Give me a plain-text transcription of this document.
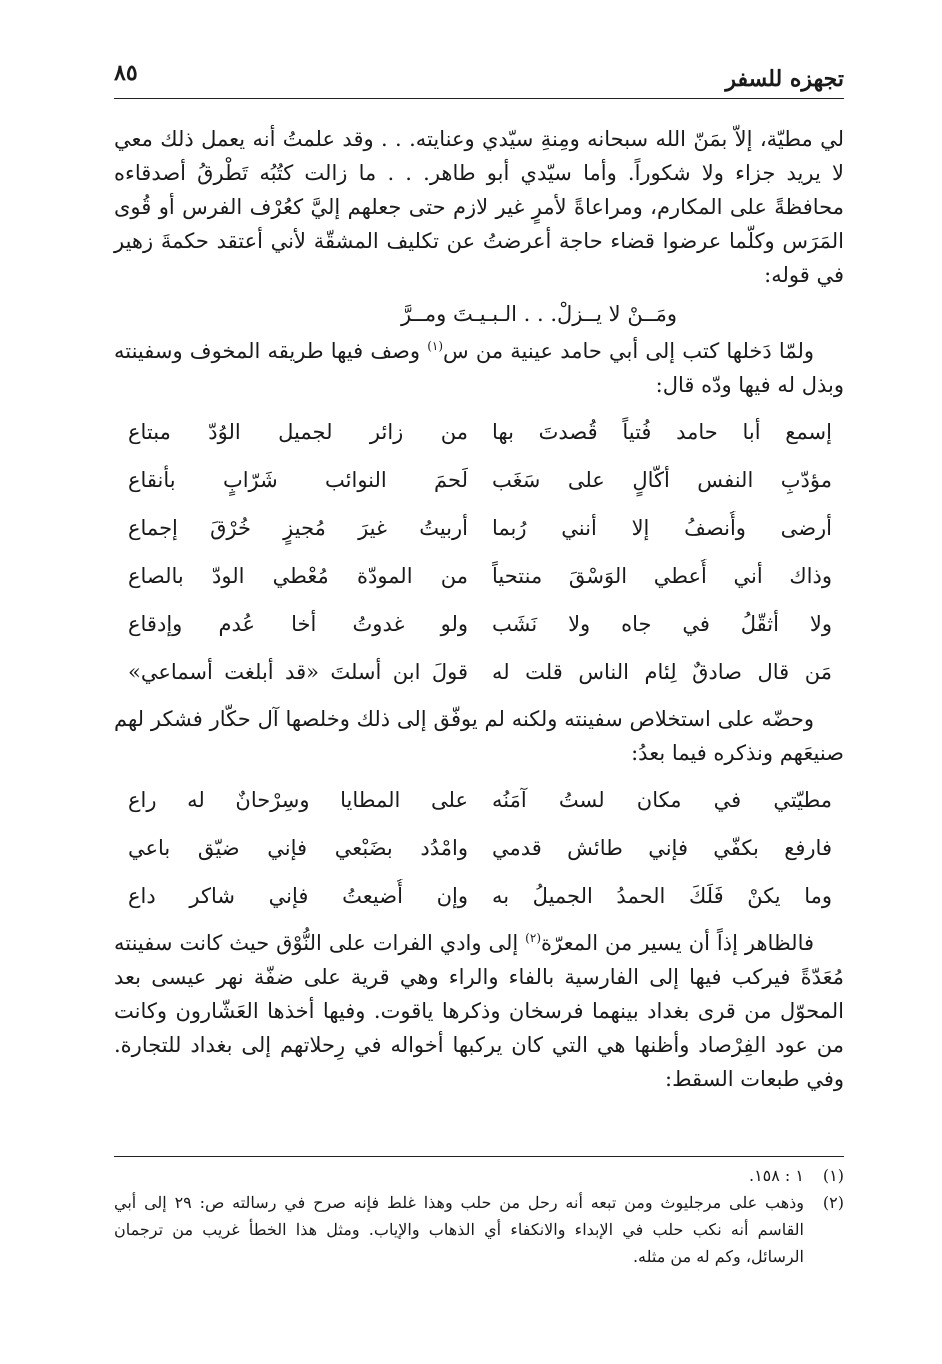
تجهزه للسفر
٨٥

لي مطيّة، إلاّ بمَنّ الله سبحانه ومِنةِ سيّدي وعنايته. . . وقد علمتُ أنه يعمل ذلك معي لا يريد جزاء ولا شكوراً. وأما سيّدي أبو طاهر. . . ما زالت كتُبُه تَطْرقُ أصدقاءه محافظةً على المكارم، ومراعاةً لأمرٍ غير لازم حتى جعلهم إليَّ كعُرْف الفرس أو قُوى المَرَس وكلّما عرضوا قضاء حاجة أعرضتُ عن تكليف المشقّة لأني أعتقد حكمةَ زهير في قوله:

ومَــنْ لا يــزلْ. . . الـبـيـتَ ومــرَّ

ولمّا دَخلها كتب إلى أبي حامد عينية من س$^{(١)}$ وصف فيها طريقه المخوف وسفينته وبذل له فيها ودّه قال:

إسمع أبا حامد فُتياً قُصدتَ بها
من زائر لجميل الوُدّ مبتاع
مؤدّبِ النفس أكّالٍ على سَغَب
لَحمَ النوائب شَرّابٍ بأنقاع
أرضى وأُنصفُ إلا أنني رُبما
أربيتُ غيرَ مُجيزٍ خُرْقَ إجماع
وذاك أني أُعطي الوَسْقَ منتحياً
من المودّة مُعْطي الودّ بالصاع
ولا أثقّلُ في جاه ولا نَشَب
ولو غدوتُ أخا عُدم وإدقاع
مَن قال صادقٌ لِئام الناس قلت له
قولَ ابن أسلتَ «قد أبلغت أسماعي»

وحضّه على استخلاص سفينته ولكنه لم يوفّق إلى ذلك وخلصها آل حكّار فشكر لهم صنيعَهم ونذكره فيما بعدُ:

مطيّتي في مكان لستُ آمَنُه
على المطايا وسِرْحانٌ له راع
فارفع بكفّي فإني طائش قدمي
وامْدُد بضَبْعي فإني ضيّق باعي
وما يكنْ فَلَكَ الحمدُ الجميلُ به
وإن أُضيعتُ فإني شاكر داع

فالظاهر إذاً أن يسير من المعرّة$^{(٢)}$ إلى وادي الفرات على النُّوْق حيث كانت سفينته مُعَدّةً فيركب فيها إلى الفارسية بالفاء والراء وهي قرية على ضفّة نهر عيسى بعد المحوّل من قرى بغداد بينهما فرسخان وذكرها ياقوت. وفيها أخذها العَشّارون وكانت من عود الفِرْصاد وأظنها هي التي كان يركبها أخواله في رِحلاتهم إلى بغداد للتجارة. وفي طبعات السقط:

(١)
١ : ١٥٨.
(٢)
وذهب على مرجليوث ومن تبعه أنه رحل من حلب وهذا غلط فإنه صرح في رسالته ص: ٢٩ إلى أبي القاسم أنه نكب حلب في الإبداء والانكفاء أي الذهاب والإياب. ومثل هذا الخطأ غريب من ترجمان الرسائل، وكم له من مثله.
